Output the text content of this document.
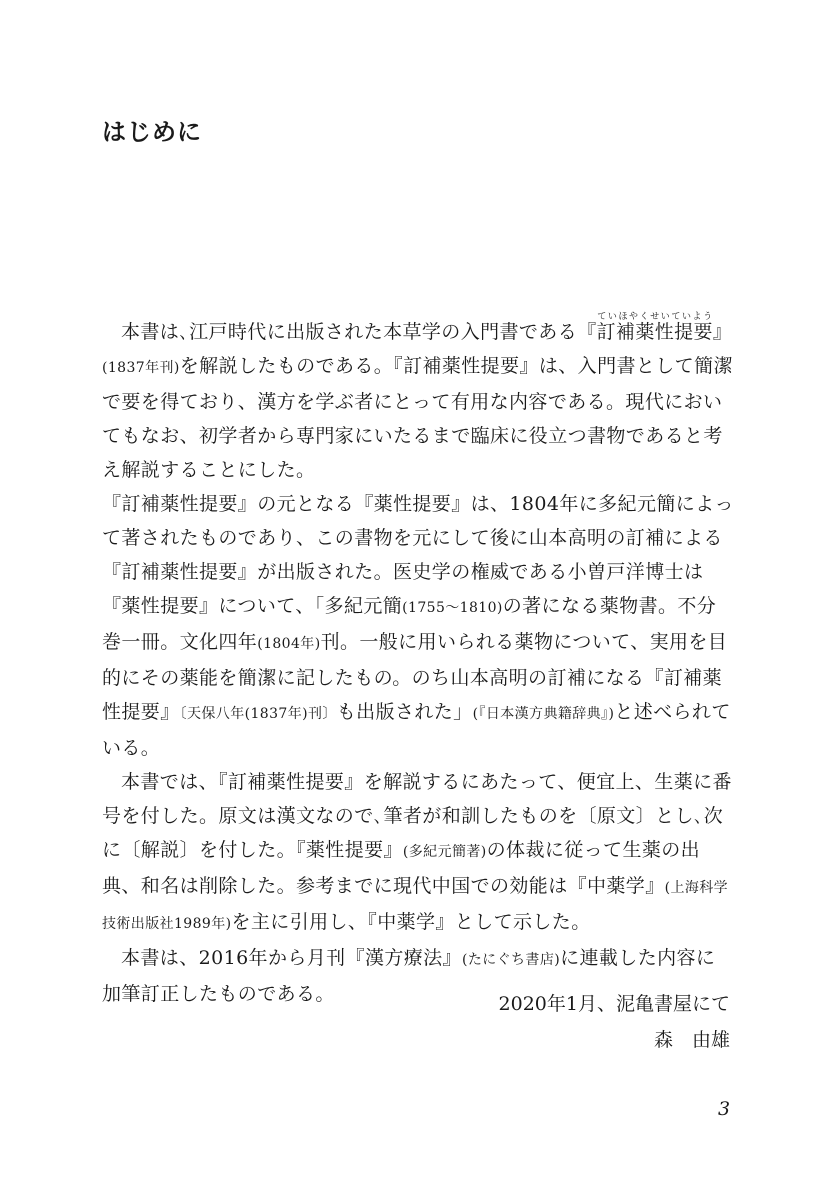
はじめに

本書は､江戸時代に出版された本草学の入門書である『訂補薬性提要ていほやくせいていよう』(1837年刊)を解説したものである。『訂補薬性提要』は、入門書として簡潔で要を得ており、漢方を学ぶ者にとって有用な内容である。現代においてもなお、初学者から専門家にいたるまで臨床に役立つ書物であると考え解説することにした。

『訂補薬性提要』の元となる『薬性提要』は、1804年に多紀元簡によって著されたものであり、この書物を元にして後に山本高明の訂補による『訂補薬性提要』が出版された。医史学の権威である小曽戸洋博士は『薬性提要』について、「多紀元簡(1755〜1810)の著になる薬物書。不分巻一冊。文化四年(1804年)刊。一般に用いられる薬物について、実用を目的にその薬能を簡潔に記したもの。のち山本高明の訂補になる『訂補薬性提要』〔天保八年(1837年)刊〕も出版された」(『日本漢方典籍辞典』)と述べられている。

本書では、『訂補薬性提要』を解説するにあたって、便宜上、生薬に番号を付した。原文は漢文なので､筆者が和訓したものを〔原文〕とし､次に〔解説〕を付した。『薬性提要』(多紀元簡著)の体裁に従って生薬の出典、和名は削除した。参考までに現代中国での効能は『中薬学』(上海科学技術出版社1989年)を主に引用し、『中薬学』として示した。

本書は、2016年から月刊『漢方療法』(たにぐち書店)に連載した内容に加筆訂正したものである。	2020年1月、泥亀書屋にて
森　由雄
3
